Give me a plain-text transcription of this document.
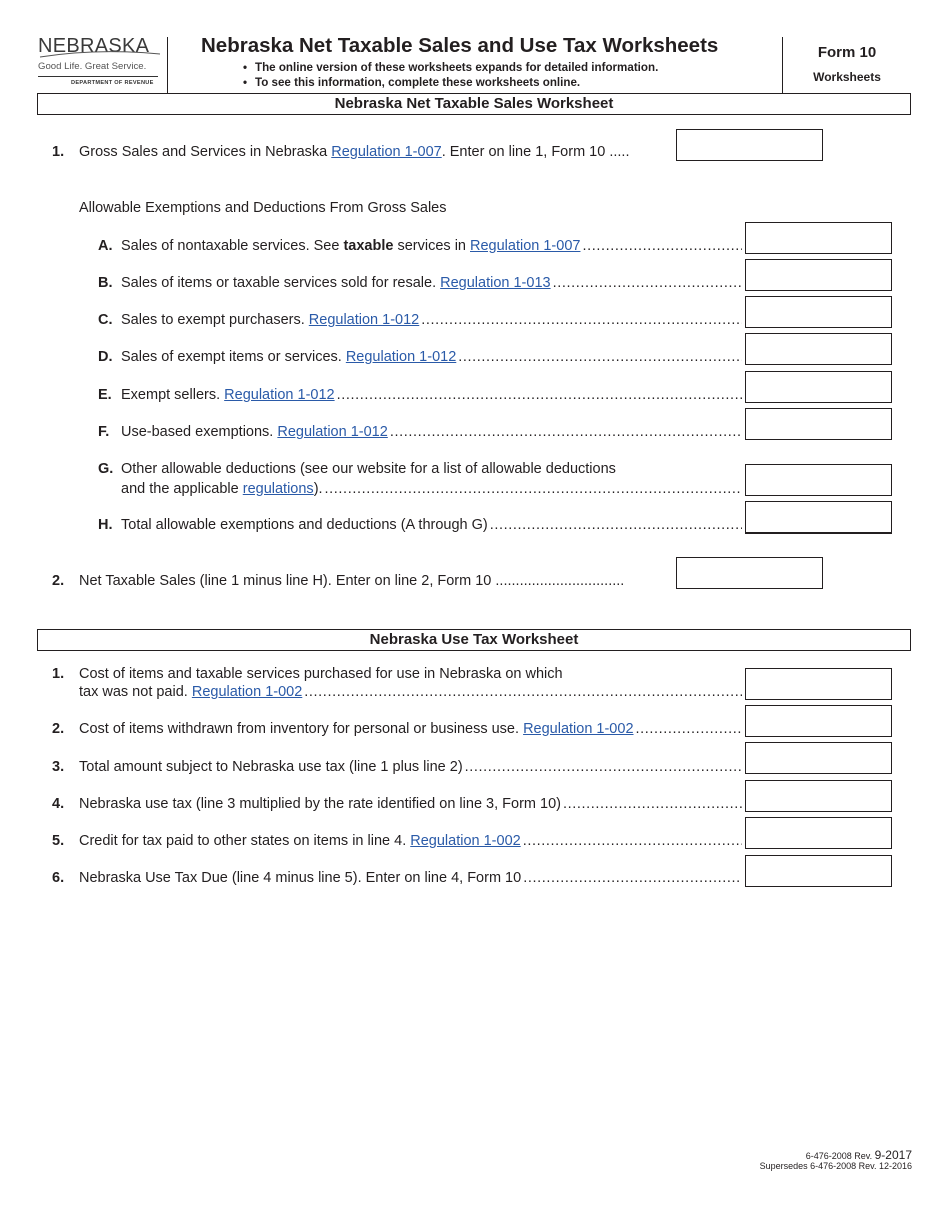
NEBRASKA
Good Life. Great Service.
DEPARTMENT OF REVENUE
Nebraska Net Taxable Sales and Use Tax Worksheets
• The online version of these worksheets expands for detailed information.
• To see this information, complete these worksheets online.
Form 10
Worksheets
Nebraska Net Taxable Sales Worksheet
1. Gross Sales and Services in Nebraska Regulation 1-007. Enter on line 1, Form 10 .....
Allowable Exemptions and Deductions From Gross Sales
A. Sales of nontaxable services. See taxable services in Regulation 1-007
.....
B. Sales of items or taxable services sold for resale. Regulation 1-013
.....
C. Sales to exempt purchasers. Regulation 1-012
.....
D. Sales of exempt items or services. Regulation 1-012
.....
E. Exempt sellers. Regulation 1-012
.....
F. Use-based exemptions. Regulation 1-012
.....
G. Other allowable deductions (see our website for a list of allowable deductions
and the applicable regulations).
.....
H. Total allowable exemptions and deductions (A through G)
.....
2. Net Taxable Sales (line 1 minus line H). Enter on line 2, Form 10 ................................
Nebraska Use Tax Worksheet
1. Cost of items and taxable services purchased for use in Nebraska on which
tax was not paid. Regulation 1-002
.....
2. Cost of items withdrawn from inventory for personal or business use. Regulation 1-002
.....
3. Total amount subject to Nebraska use tax (line 1 plus line 2)
.....
4. Nebraska use tax (line 3 multiplied by the rate identified on line 3, Form 10)
.....
5. Credit for tax paid to other states on items in line 4. Regulation 1-002
.....
6. Nebraska Use Tax Due (line 4 minus line 5). Enter on line 4, Form 10
.....
6-476-2008 Rev. 9-2017
Supersedes 6-476-2008 Rev. 12-2016
